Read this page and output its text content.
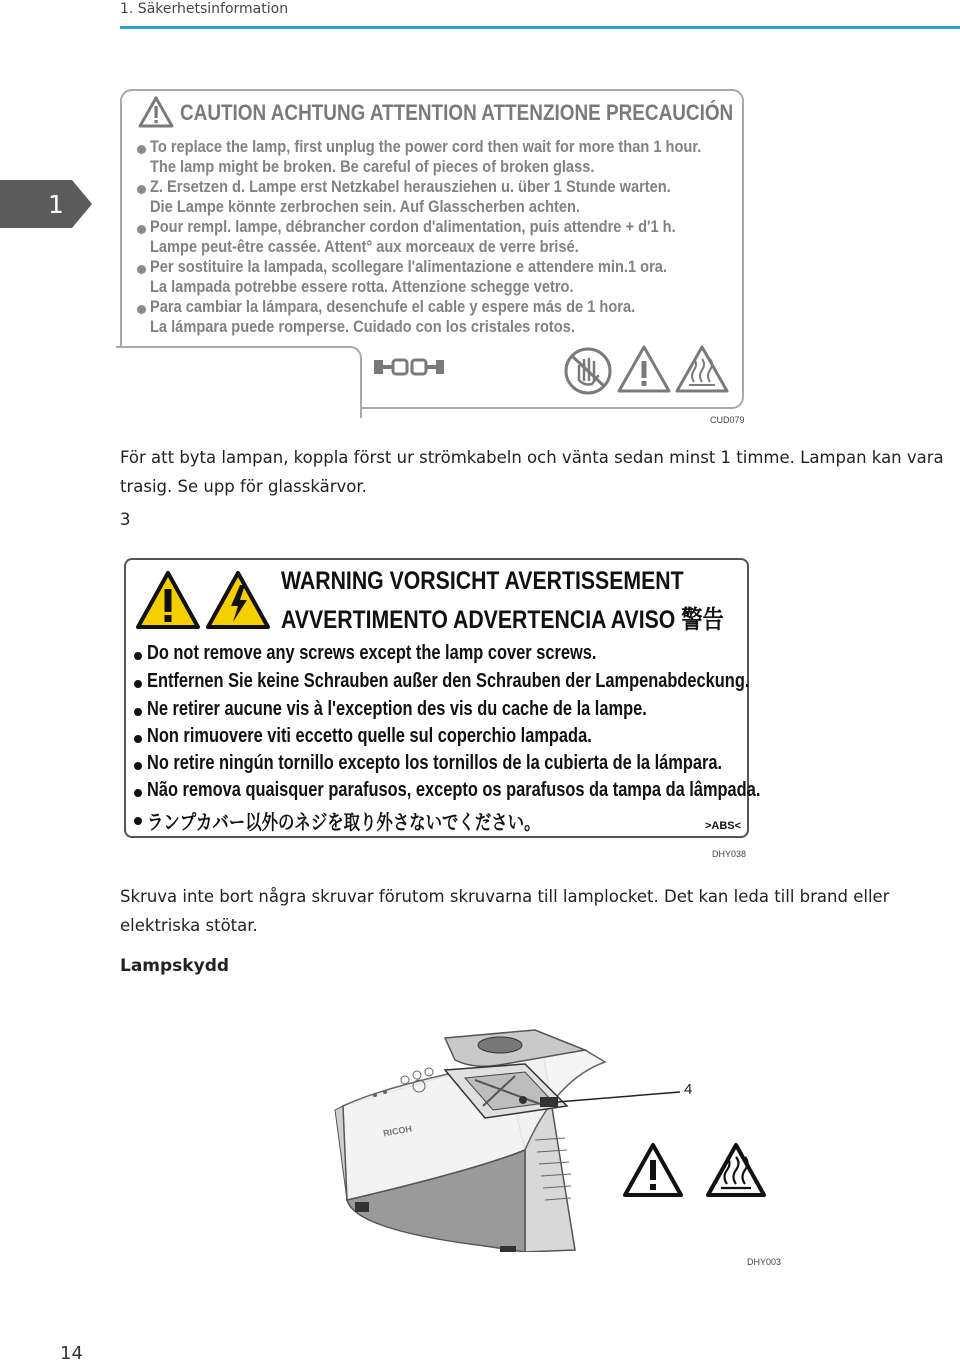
1. Säkerhetsinformation
1
CAUTION ACHTUNG ATTENTION ATTENZIONE PRECAUCIÓN
To replace the lamp, first unplug the power cord then wait for more than 1 hour.
The lamp might be broken. Be careful of pieces of broken glass.
Z. Ersetzen d. Lampe erst Netzkabel herausziehen u. über 1 Stunde warten.
Die Lampe könnte zerbrochen sein. Auf Glasscherben achten.
Pour rempl. lampe, débrancher cordon d'alimentation, puis attendre + d'1 h.
Lampe peut-être cassée. Attent° aux morceaux de verre brisé.
Per sostituire la lampada, scollegare l'alimentazione e attendere min.1 ora.
La lampada potrebbe essere rotta. Attenzione schegge vetro.
Para cambiar la lámpara, desenchufe el cable y espere más de 1 hora.
La lámpara puede romperse. Cuidado con los cristales rotos.
CUD079
För att byta lampan, koppla först ur strömkabeln och vänta sedan minst 1 timme. Lampan kan vara trasig. Se upp för glasskärvor.
3
WARNING VORSICHT AVERTISSEMENT
AVVERTIMENTO ADVERTENCIA AVISO 警告
Do not remove any screws except the lamp cover screws.
Entfernen Sie keine Schrauben außer den Schrauben der Lampenabdeckung.
Ne retirer aucune vis à l'exception des vis du cache de la lampe.
Non rimuovere viti eccetto quelle sul coperchio lampada.
No retire ningún tornillo excepto los tornillos de la cubierta de la lámpara.
Não remova quaisquer parafusos, excepto os parafusos da tampa da lâmpada.
ランプカバー以外のネジを取り外さないでください。	>ABS<
DHY038
Skruva inte bort några skruvar förutom skruvarna till lamplocket. Det kan leda till brand eller elektriska stötar.
Lampskydd
RICOH
4
DHY003
14
